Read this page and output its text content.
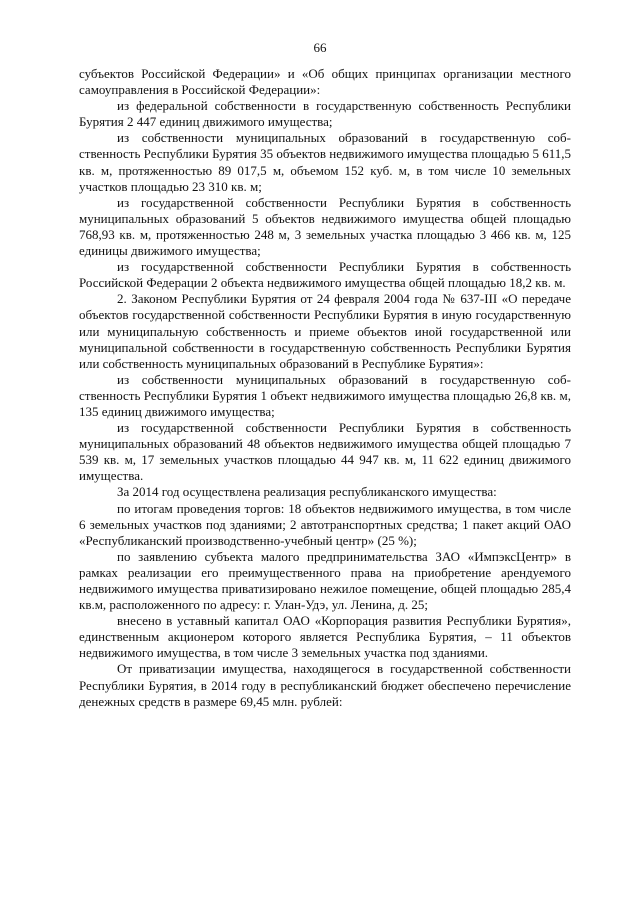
66

субъектов Российской Федерации» и «Об общих принципах организации местного самоуправления в Российской Федерации»:

из федеральной собственности в государственную собственность Республики Бурятия 2 447 единиц движимого имущества;

из собственности муниципальных образований в государственную собственность Республики Бурятия 35 объектов недвижимого имущества площадью 5 611,5 кв. м, протяженностью 89 017,5 м, объемом 152 куб. м, в том числе 10 земельных участков площадью 23 310 кв. м;

из государственной собственности Республики Бурятия в собственность муниципальных образований 5 объектов недвижимого имущества общей площадью 768,93 кв. м, протяженностью 248 м, 3 земельных участка площадью 3 466 кв. м, 125 единицы движимого имущества;

из государственной собственности Республики Бурятия в собственность Российской Федерации 2 объекта недвижимого имущества общей площадью 18,2 кв. м.

2. Законом Республики Бурятия от 24 февраля 2004 года № 637-III «О передаче объектов государственной собственности Республики Бурятия в иную государственную или муниципальную собственность и приеме объектов иной государственной или муниципальной собственности в государственную собственность Республики Бурятия или собственность муниципальных образований в Республике Бурятия»:

из собственности муниципальных образований в государственную собственность Республики Бурятия 1 объект недвижимого имущества площадью 26,8 кв. м, 135 единиц движимого имущества;

из государственной собственности Республики Бурятия в собственность муниципальных образований 48 объектов недвижимого имущества общей площадью 7 539 кв. м, 17 земельных участков площадью 44 947 кв. м, 11 622 единиц движимого имущества.

За 2014 год осуществлена реализация республиканского имущества:

по итогам проведения торгов: 18 объектов недвижимого имущества, в том числе 6 земельных участков под зданиями; 2 автотранспортных средства; 1 пакет акций ОАО «Республиканский производственно-учебный центр» (25 %);

по заявлению субъекта малого предпринимательства ЗАО «ИмпэксЦентр» в рамках реализации его преимущественного права на приобретение арендуемого недвижимого имущества приватизировано нежилое помещение, общей площадью 285,4 кв.м, расположенного по адресу: г. Улан-Удэ, ул. Ленина, д. 25;

внесено в уставный капитал ОАО «Корпорация развития Республики Бурятия», единственным акционером которого является Республика Бурятия, – 11 объектов недвижимого имущества, в том числе 3 земельных участка под зданиями.

От приватизации имущества, находящегося в государственной собственности Республики Бурятия, в 2014 году в республиканский бюджет обеспечено перечисление денежных средств в размере 69,45 млн. рублей:
